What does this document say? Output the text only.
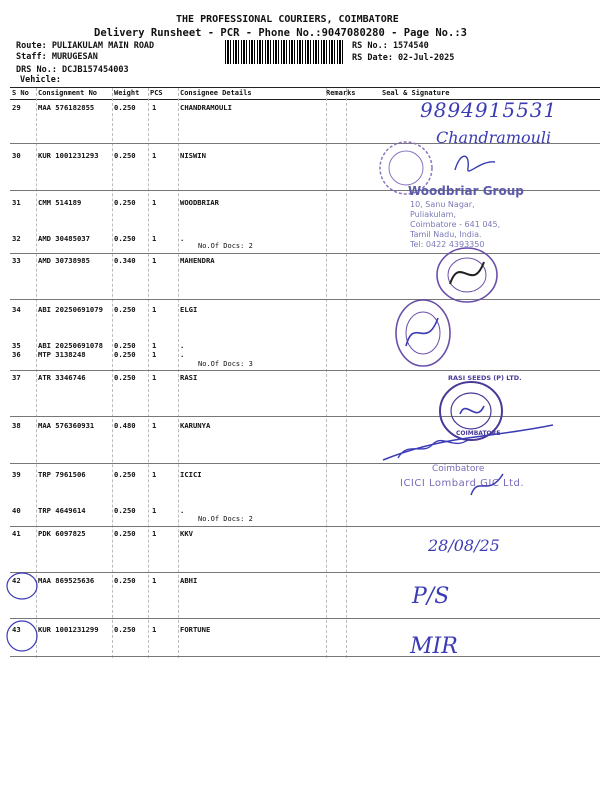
THE PROFESSIONAL COURIERS, COIMBATORE
Delivery Runsheet - PCR - Phone No.:9047080280 - Page No.:3
Route: PULIAKULAM MAIN ROAD
Staff: MURUGESAN
DRS No.: DCJB157454003
Vehicle:
RS No.: 1574540
RS Date: 02-Jul-2025
S No Consignment No Weight PCS Consignee Details	Remarks	Seal & Signature
29 MAA 576182855	0.250 1	CHANDRAMOULI
30 KUR 1001231293 0.250 1	NISWIN
31 CMM 514189	0.250 1	WOODBRIAR
32 AMD 30485037	0.250 1	.
33 AMD 30738985	0.340 1	MAHENDRA
34 ABI 20250691079 0.250 1	ELGI
35 ABI 20250691078 0.250 1	.
36 MTP 3138248	0.250 1	.
37 ATR 3346746	0.250 1	RASI
38 MAA 576360931	0.480 1	KARUNYA
39 TRP 7961506	0.250 1	ICICI
40 TRP 4649614	0.250 1	.
41 PDK 6097825	0.250 1	KKV
42 MAA 869525636	0.250 1	ABHI
43 KUR 1001231299 0.250 1	FORTUNE
No.Of Docs: 2
No.Of Docs: 3
No.Of Docs: 2
9894915531
Chandramouli
Woodbriar Group
10, Sanu Nagar,
Puliakulam,
Coimbatore - 641 045,
Tamil Nadu, India.
Tel: 0422 4393350
RASI SEEDS (P) LTD.
COIMBATORE
Coimbatore
ICICI Lombard GIC Ltd.
28/08/25
P/S
MIR
